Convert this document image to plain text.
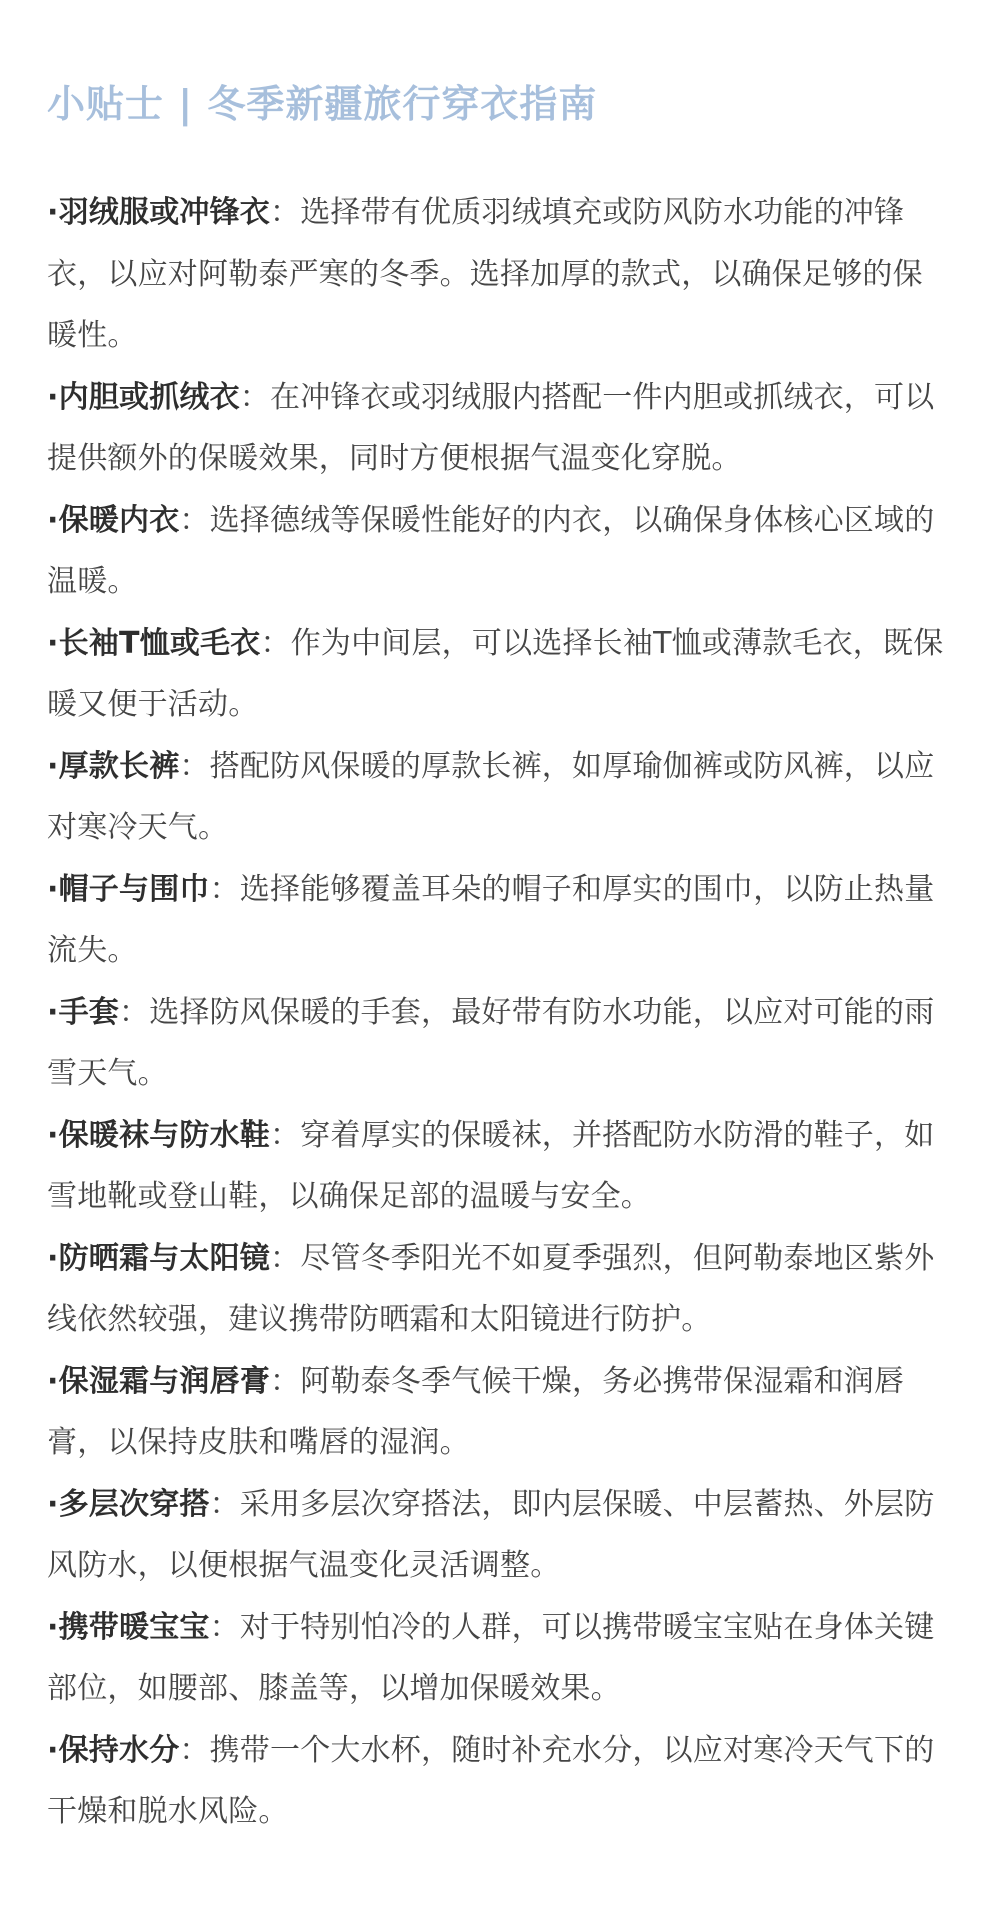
小贴士 | 冬季新疆旅行穿衣指南

·羽绒服或冲锋衣：选择带有优质羽绒填充或防风防水功能的冲锋衣，以应对阿勒泰严寒的冬季。选择加厚的款式，以确保足够的保暖性。

·内胆或抓绒衣：在冲锋衣或羽绒服内搭配一件内胆或抓绒衣，可以提供额外的保暖效果，同时方便根据气温变化穿脱。

·保暖内衣：选择德绒等保暖性能好的内衣，以确保身体核心区域的温暖。

·长袖T恤或毛衣：作为中间层，可以选择长袖T恤或薄款毛衣，既保暖又便于活动。

·厚款长裤：搭配防风保暖的厚款长裤，如厚瑜伽裤或防风裤，以应对寒冷天气。

·帽子与围巾：选择能够覆盖耳朵的帽子和厚实的围巾，以防止热量流失。

·手套：选择防风保暖的手套，最好带有防水功能，以应对可能的雨雪天气。

·保暖袜与防水鞋：穿着厚实的保暖袜，并搭配防水防滑的鞋子，如雪地靴或登山鞋，以确保足部的温暖与安全。

·防晒霜与太阳镜：尽管冬季阳光不如夏季强烈，但阿勒泰地区紫外线依然较强，建议携带防晒霜和太阳镜进行防护。

·保湿霜与润唇膏：阿勒泰冬季气候干燥，务必携带保湿霜和润唇膏，以保持皮肤和嘴唇的湿润。

·多层次穿搭：采用多层次穿搭法，即内层保暖、中层蓄热、外层防风防水，以便根据气温变化灵活调整。

·携带暖宝宝：对于特别怕冷的人群，可以携带暖宝宝贴在身体关键部位，如腰部、膝盖等，以增加保暖效果。

·保持水分：携带一个大水杯，随时补充水分，以应对寒冷天气下的干燥和脱水风险。
